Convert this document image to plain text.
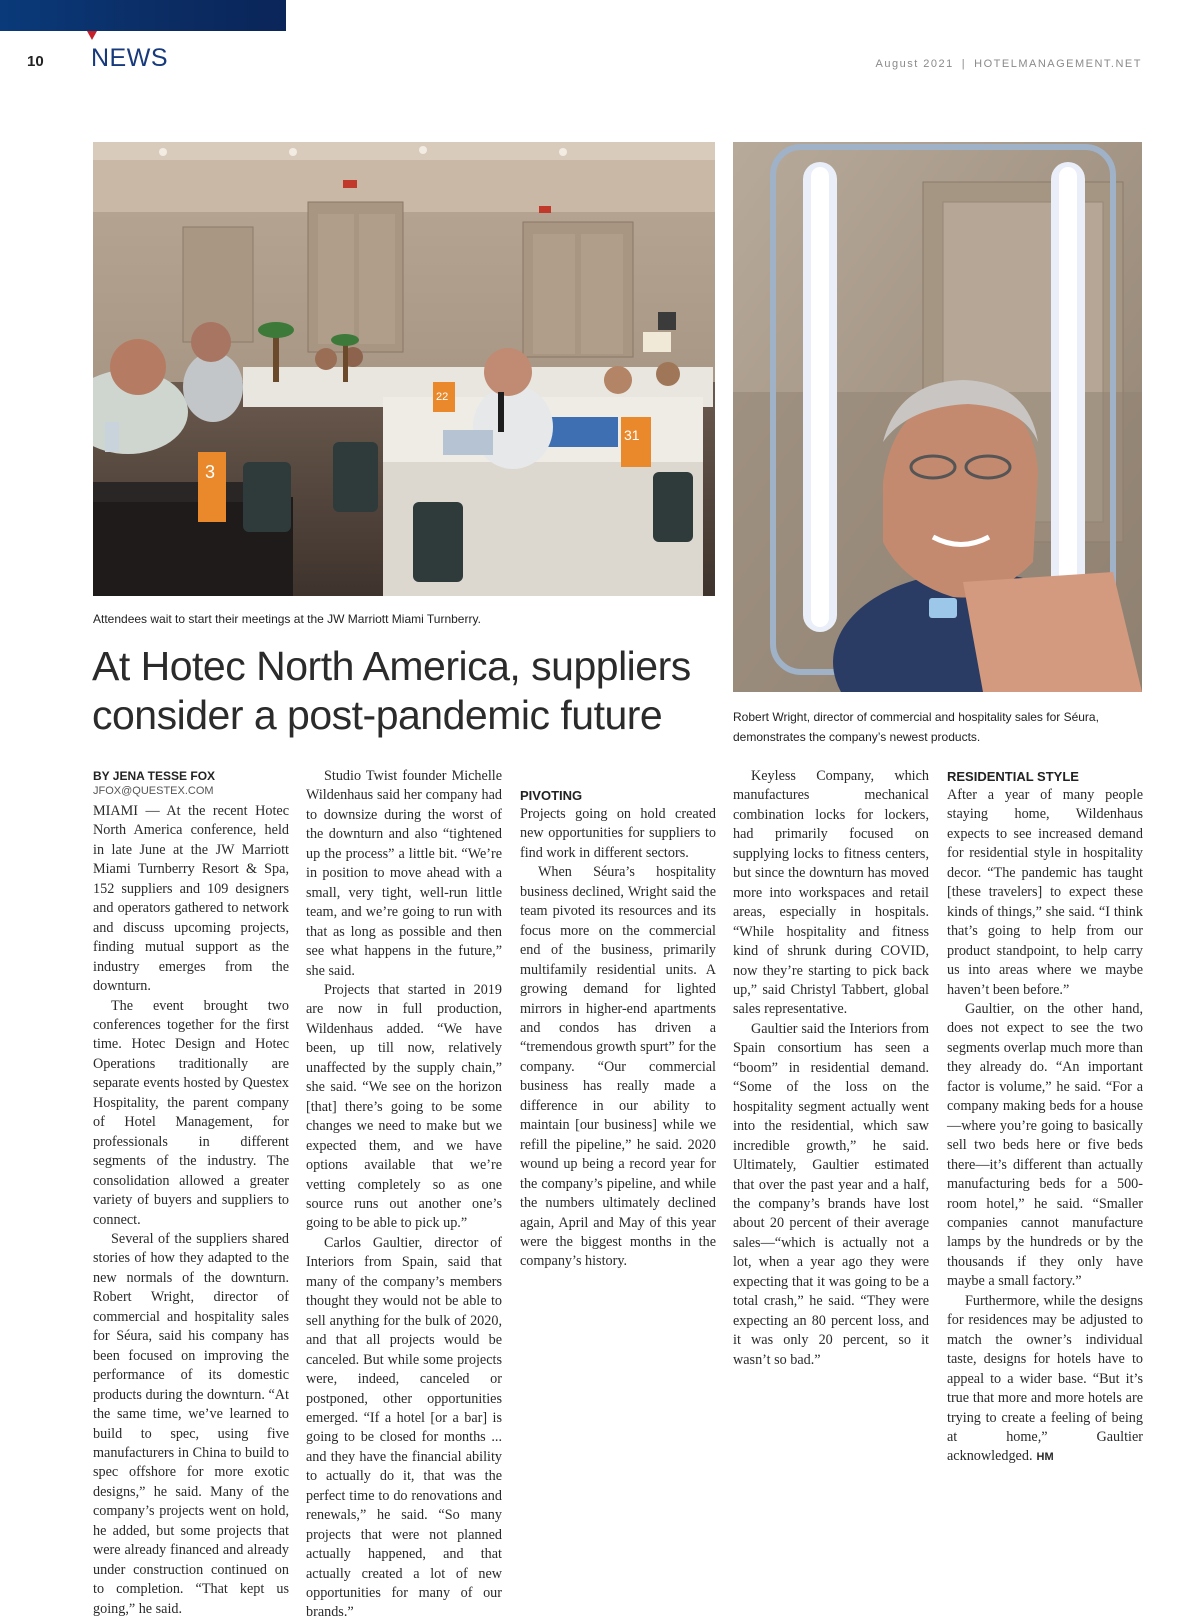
10 NEWS	August 2021 | HOTELMANAGEMENT.NET
3
22
31
Attendees wait to start their meetings at the JW Marriott Miami Turnberry.
Robert Wright, director of commercial and hospitality sales for Séura, demonstrates the company’s newest products.
At Hotec North America, suppliers consider a post-pandemic future
BY JENA TESSE FOX
JFOX@QUESTEX.COM

MIAMI — At the recent Hotec North America conference, held in late June at the JW Marriott Miami Turnberry Resort & Spa, 152 suppliers and 109 designers and operators gathered to network and discuss upcoming projects, finding mutual support as the industry emerges from the downturn.

The event brought two conferences together for the first time. Hotec Design and Hotec Operations traditionally are separate events hosted by Questex Hospitality, the parent company of Hotel Management, for professionals in different segments of the industry. The consolidation allowed a greater variety of buyers and suppliers to connect.

Several of the suppliers shared stories of how they adapted to the new normals of the downturn. Robert Wright, director of commercial and hospitality sales for Séura, said his company has been focused on improving the performance of its domestic products during the downturn. “At the same time, we’ve learned to build to spec, using five manufacturers in China to build to spec offshore for more exotic designs,” he said. Many of the company’s projects went on hold, he added, but some projects that were already financed and already under construction continued on to completion. “That kept us going,” he said.

Studio Twist founder Michelle Wildenhaus said her company had to downsize during the worst of the downturn and also “tightened up the process” a little bit. “We’re in position to move ahead with a small, very tight, well-run little team, and we’re going to run with that as long as possible and then see what happens in the future,” she said.

Projects that started in 2019 are now in full production, Wildenhaus added. “We have been, up till now, relatively unaffected by the supply chain,” she said. “We see on the horizon [that] there’s going to be some changes we need to make but we expected them, and we have options available that we’re vetting completely so as one source runs out another one’s going to be able to pick up.”

Carlos Gaultier, director of Interiors from Spain, said that many of the company’s members thought they would not be able to sell anything for the bulk of 2020, and that all projects would be canceled. But while some projects were, indeed, canceled or postponed, other opportunities emerged. “If a hotel [or a bar] is going to be closed for months ... and they have the financial ability to actually do it, that was the perfect time to do renovations and renewals,” he said. “So many projects that were not planned actually happened, and that actually created a lot of new opportunities for many of our brands.”

PIVOTING

Projects going on hold created new opportunities for suppliers to find work in different sectors.

When Séura’s hospitality business declined, Wright said the team pivoted its resources and its focus more on the commercial end of the business, primarily multifamily residential units. A growing demand for lighted mirrors in higher-end apartments and condos has driven a “tremendous growth spurt” for the company. “Our commercial business has really made a difference in our ability to maintain [our business] while we refill the pipeline,” he said. 2020 wound up being a record year for the company’s pipeline, and while the numbers ultimately declined again, April and May of this year were the biggest months in the company’s history.

Keyless Company, which manufactures mechanical combination locks for lockers, had primarily focused on supplying locks to fitness centers, but since the downturn has moved more into workspaces and retail areas, especially in hospitals. “While hospitality and fitness kind of shrunk during COVID, now they’re starting to pick back up,” said Christyl Tabbert, global sales representative.

Gaultier said the Interiors from Spain consortium has seen a “boom” in residential demand. “Some of the loss on the hospitality segment actually went into the residential, which saw incredible growth,” he said. Ultimately, Gaultier estimated that over the past year and a half, the company’s brands have lost about 20 percent of their average sales—“which is actually not a lot, when a year ago they were expecting that it was going to be a total crash,” he said. “They were expecting an 80 percent loss, and it was only 20 percent, so it wasn’t so bad.”

RESIDENTIAL STYLE

After a year of many people staying home, Wildenhaus expects to see increased demand for residential style in hospitality decor. “The pandemic has taught [these travelers] to expect these kinds of things,” she said. “I think that’s going to help from our product standpoint, to help carry us into areas where we maybe haven’t been before.”

Gaultier, on the other hand, does not expect to see the two segments overlap much more than they already do. “An important factor is volume,” he said. “For a company making beds for a house—where you’re going to basically sell two beds here or five beds there—it’s different than actually manufacturing beds for a 500-room hotel,” he said. “Smaller companies cannot manufacture lamps by the hundreds or by the thousands if they only have maybe a small factory.”

Furthermore, while the designs for residences may be adjusted to match the owner’s individual taste, designs for hotels have to appeal to a wider base. “But it’s true that more and more hotels are trying to create a feeling of being at home,” Gaultier acknowledged. HM
